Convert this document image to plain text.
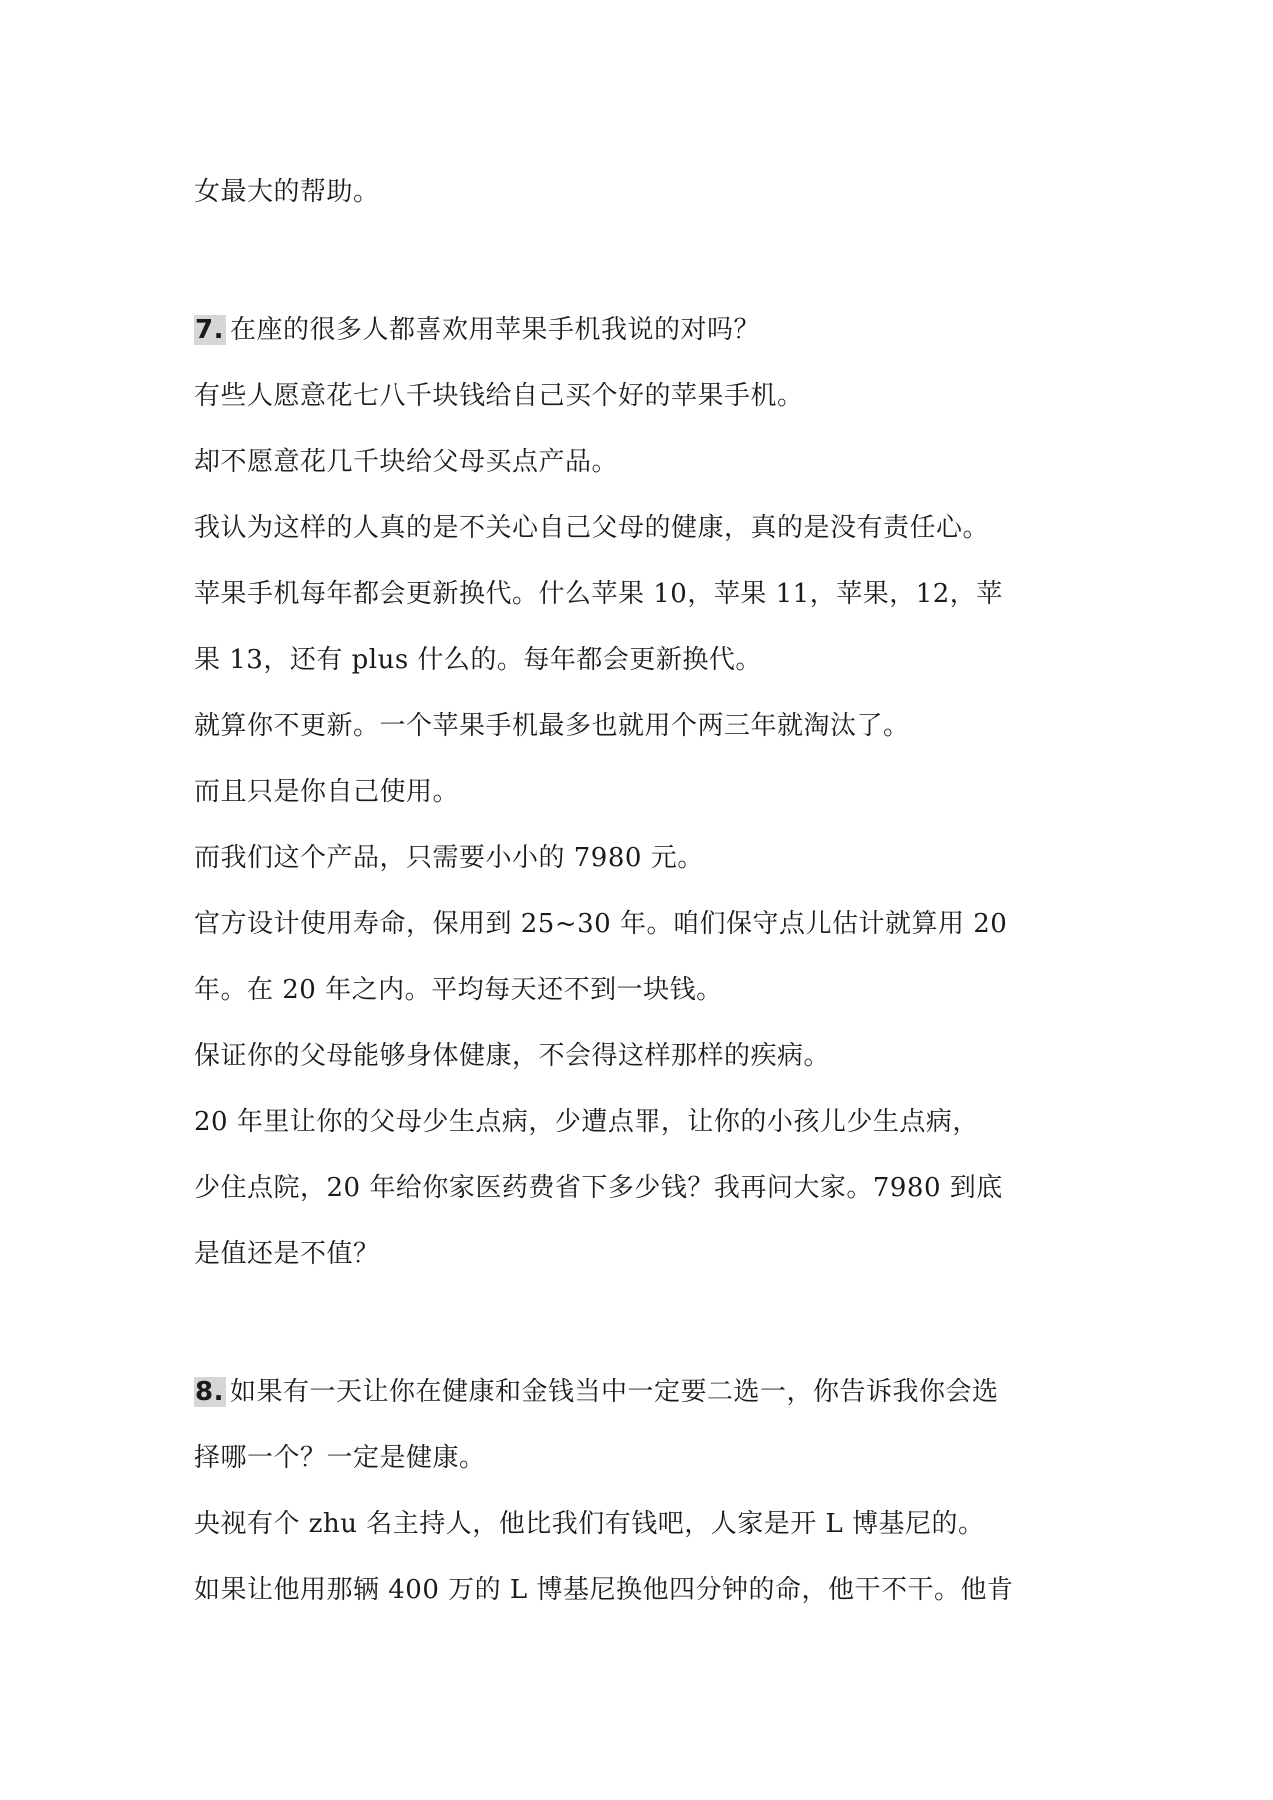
女最大的帮助。
7. 在座的很多人都喜欢用苹果手机我说的对吗？
有些人愿意花七八千块钱给自己买个好的苹果手机。
却不愿意花几千块给父母买点产品。
我认为这样的人真的是不关心自己父母的健康，真的是没有责任心。
苹果手机每年都会更新换代。什么苹果 10，苹果 11，苹果，12，苹
果 13，还有 plus 什么的。每年都会更新换代。
就算你不更新。一个苹果手机最多也就用个两三年就淘汰了。
而且只是你自己使用。
而我们这个产品，只需要小小的 7980 元。
官方设计使用寿命，保用到 25~30 年。咱们保守点儿估计就算用 20
年。在 20 年之内。平均每天还不到一块钱。
保证你的父母能够身体健康，不会得这样那样的疾病。
20 年里让你的父母少生点病，少遭点罪，让你的小孩儿少生点病，
少住点院，20 年给你家医药费省下多少钱？我再问大家。7980 到底
是值还是不值？
8. 如果有一天让你在健康和金钱当中一定要二选一，你告诉我你会选
择哪一个？一定是健康。
央视有个 zhu 名主持人，他比我们有钱吧，人家是开 L 博基尼的。
如果让他用那辆 400 万的 L 博基尼换他四分钟的命，他干不干。他肯
